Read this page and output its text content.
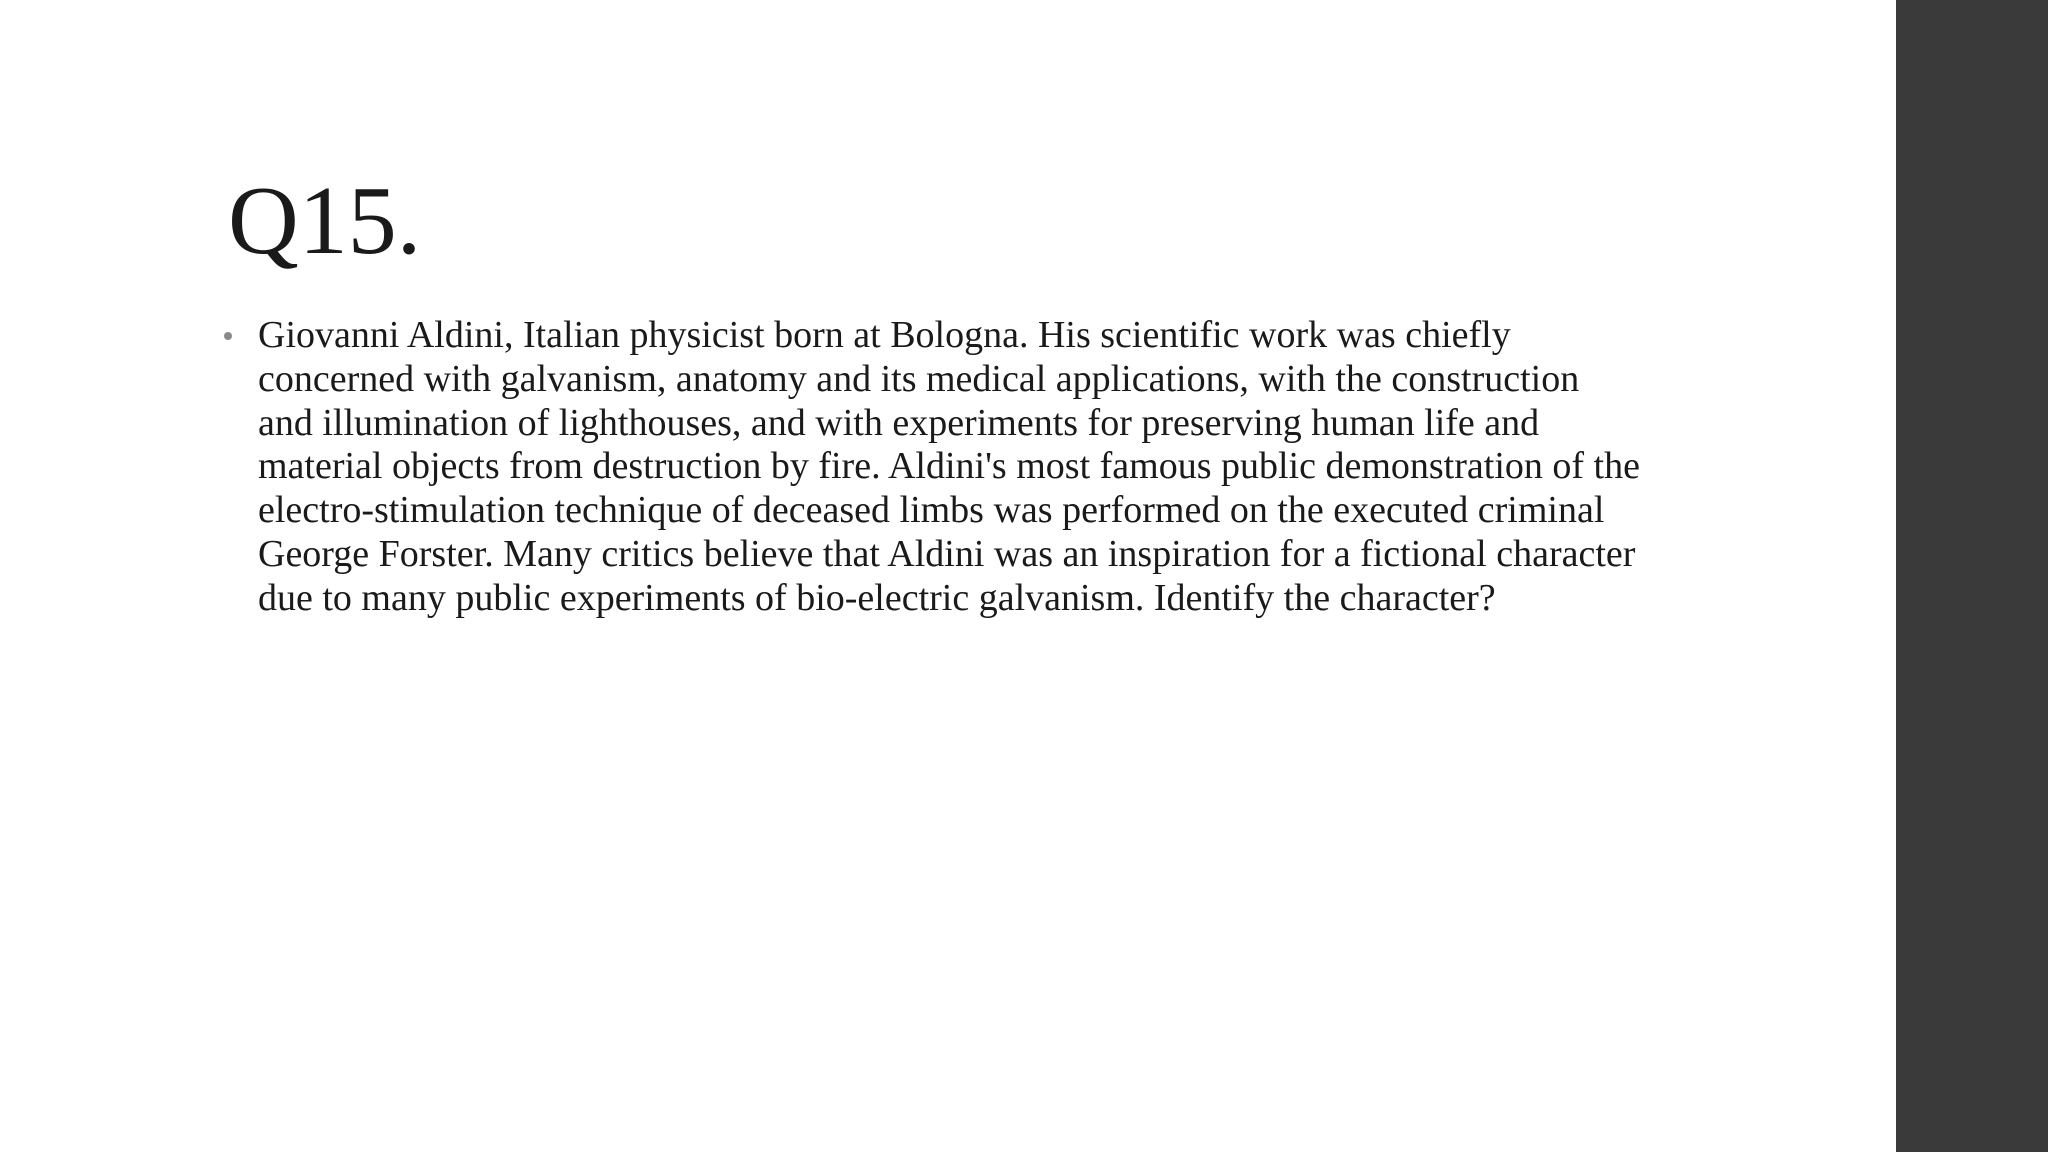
Q15.
Giovanni Aldini, Italian physicist born at Bologna. His scientific work was chiefly concerned with galvanism, anatomy and its medical applications, with the construction and illumination of lighthouses, and with experiments for preserving human life and material objects from destruction by fire. Aldini's most famous public demonstration of the electro-stimulation technique of deceased limbs was performed on the executed criminal George Forster. Many critics believe that Aldini was an inspiration for a fictional character due to many public experiments of bio-electric galvanism. Identify the character?
